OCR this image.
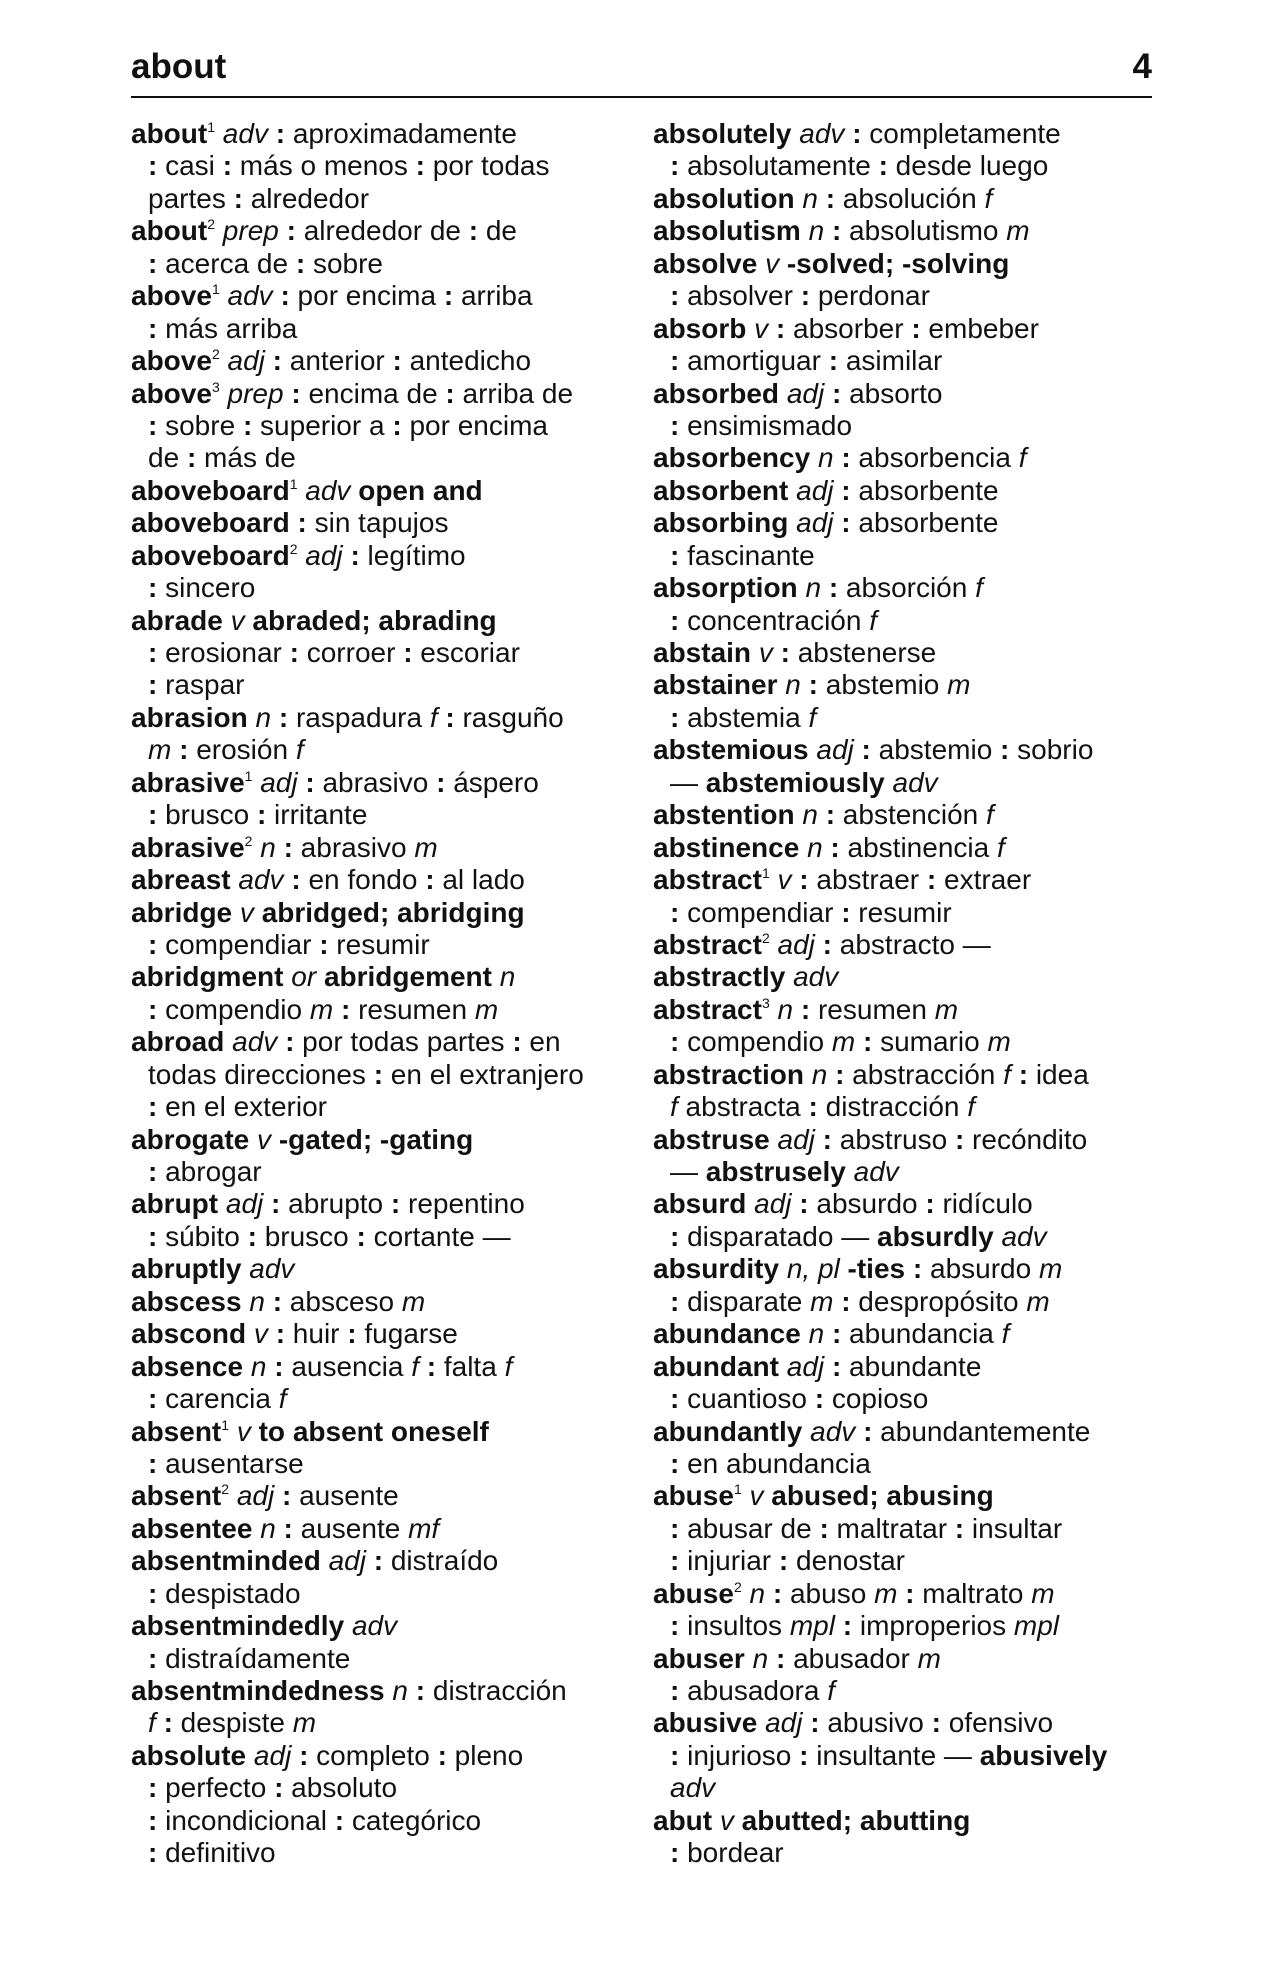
about	4
about$^1$ adv : aproximadamente
: casi : más o menos : por todas
partes : alrededor
about$^2$ prep : alrededor de : de
: acerca de : sobre
above$^1$ adv : por encima : arriba
: más arriba
above$^2$ adj : anterior : antedicho
above$^3$ prep : encima de : arriba de
: sobre : superior a : por encima
de : más de
aboveboard$^1$ adv open and
aboveboard : sin tapujos
aboveboard$^2$ adj : legítimo
: sincero
abrade v abraded; abrading
: erosionar : corroer : escoriar
: raspar
abrasion n : raspadura f : rasguño
m : erosión f
abrasive$^1$ adj : abrasivo : áspero
: brusco : irritante
abrasive$^2$ n : abrasivo m
abreast adv : en fondo : al lado
abridge v abridged; abridging
: compendiar : resumir
abridgment or abridgement n
: compendio m : resumen m
abroad adv : por todas partes : en
todas direcciones : en el extranjero
: en el exterior
abrogate v -gated; -gating
: abrogar
abrupt adj : abrupto : repentino
: súbito : brusco : cortante —
abruptly adv
abscess n : absceso m
abscond v : huir : fugarse
absence n : ausencia f : falta f
: carencia f
absent$^1$ v to absent oneself
: ausentarse
absent$^2$ adj : ausente
absentee n : ausente mf
absentminded adj : distraído
: despistado
absentmindedly adv
: distraídamente
absentmindedness n : distracción
f : despiste m
absolute adj : completo : pleno
: perfecto : absoluto
: incondicional : categórico
: definitivo
absolutely adv : completamente
: absolutamente : desde luego
absolution n : absolución f
absolutism n : absolutismo m
absolve v -solved; -solving
: absolver : perdonar
absorb v : absorber : embeber
: amortiguar : asimilar
absorbed adj : absorto
: ensimismado
absorbency n : absorbencia f
absorbent adj : absorbente
absorbing adj : absorbente
: fascinante
absorption n : absorción f
: concentración f
abstain v : abstenerse
abstainer n : abstemio m
: abstemia f
abstemious adj : abstemio : sobrio
— abstemiously adv
abstention n : abstención f
abstinence n : abstinencia f
abstract$^1$ v : abstraer : extraer
: compendiar : resumir
abstract$^2$ adj : abstracto —
abstractly adv
abstract$^3$ n : resumen m
: compendio m : sumario m
abstraction n : abstracción f : idea
f abstracta : distracción f
abstruse adj : abstruso : recóndito
— abstrusely adv
absurd adj : absurdo : ridículo
: disparatado — absurdly adv
absurdity n, pl -ties : absurdo m
: disparate m : despropósito m
abundance n : abundancia f
abundant adj : abundante
: cuantioso : copioso
abundantly adv : abundantemente
: en abundancia
abuse$^1$ v abused; abusing
: abusar de : maltratar : insultar
: injuriar : denostar
abuse$^2$ n : abuso m : maltrato m
: insultos mpl : improperios mpl
abuser n : abusador m
: abusadora f
abusive adj : abusivo : ofensivo
: injurioso : insultante — abusively
adv
abut v abutted; abutting
: bordear
